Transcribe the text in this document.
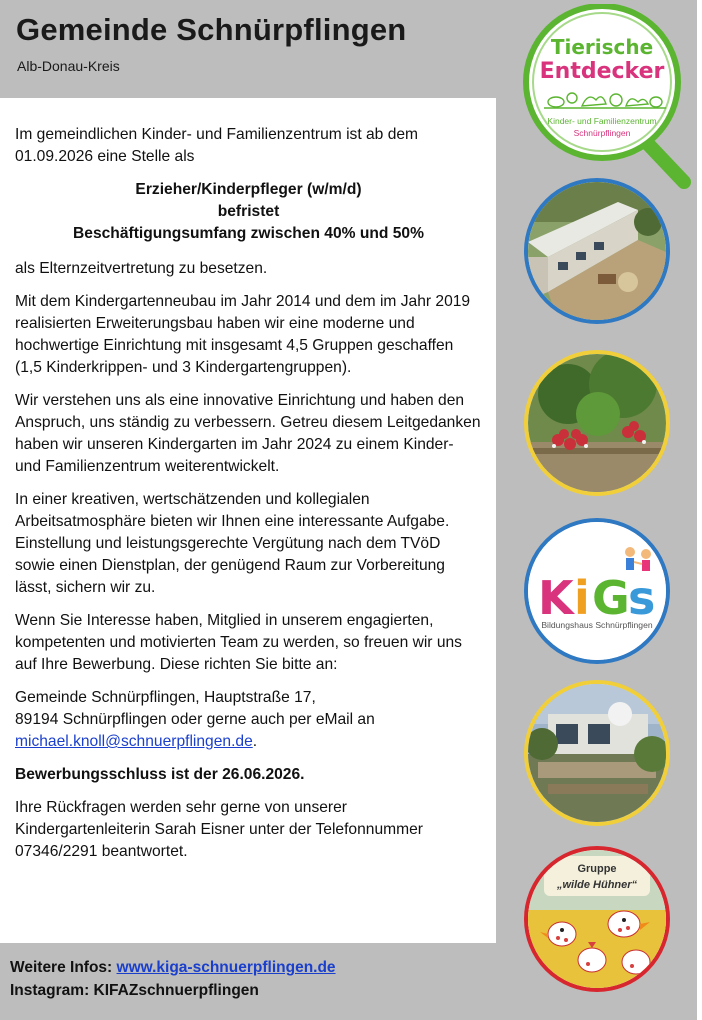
Gemeinde Schnürpflingen

Alb-Donau-Kreis

Tierische
Entdecker
Kinder- und Familienzentrum
Schnürpflingen
K i G
s
Bildungshaus Schnürpflingen
Gruppe
„wilde Hühner“

Im gemeindlichen Kinder- und Familienzentrum ist ab dem 01.09.2026 eine Stelle als

Erzieher/Kinderpfleger (w/m/d)
befristet
Beschäftigungsumfang zwischen 40% und 50%

als Elternzeitvertretung zu besetzen.

Mit dem Kindergartenneubau im Jahr 2014 und dem im Jahr 2019 realisierten Erweiterungsbau haben wir eine moderne und hochwertige Einrichtung mit insgesamt 4,5 Gruppen geschaffen (1,5 Kinderkrippen- und 3 Kindergartengruppen).

Wir verstehen uns als eine innovative Einrichtung und haben den Anspruch, uns ständig zu verbessern. Getreu diesem Leitgedanken haben wir unseren Kindergarten im Jahr 2024 zu einem Kinder- und Familienzentrum weiterentwickelt.

In einer kreativen, wertschätzenden und kollegialen Arbeitsatmosphäre bieten wir Ihnen eine interessante Aufgabe. Einstellung und leistungsgerechte Vergütung nach dem TVöD sowie einen Dienstplan, der genügend Raum zur Vorbereitung lässt, sichern wir zu.

Wenn Sie Interesse haben, Mitglied in unserem engagierten, kompetenten und motivierten Team zu werden, so freuen wir uns auf Ihre Bewerbung. Diese richten Sie bitte an:

Gemeinde Schnürpflingen, Hauptstraße 17,
89194 Schnürpflingen oder gerne auch per eMail an
michael.knoll@schnuerpflingen.de.

Bewerbungsschluss ist der 26.06.2026.

Ihre Rückfragen werden sehr gerne von unserer Kindergartenleiterin Sarah Eisner unter der Telefonnummer 07346/2291 beantwortet.

Weitere Infos: www.kiga-schnuerpflingen.de
Instagram: KIFAZschnuerpflingen
